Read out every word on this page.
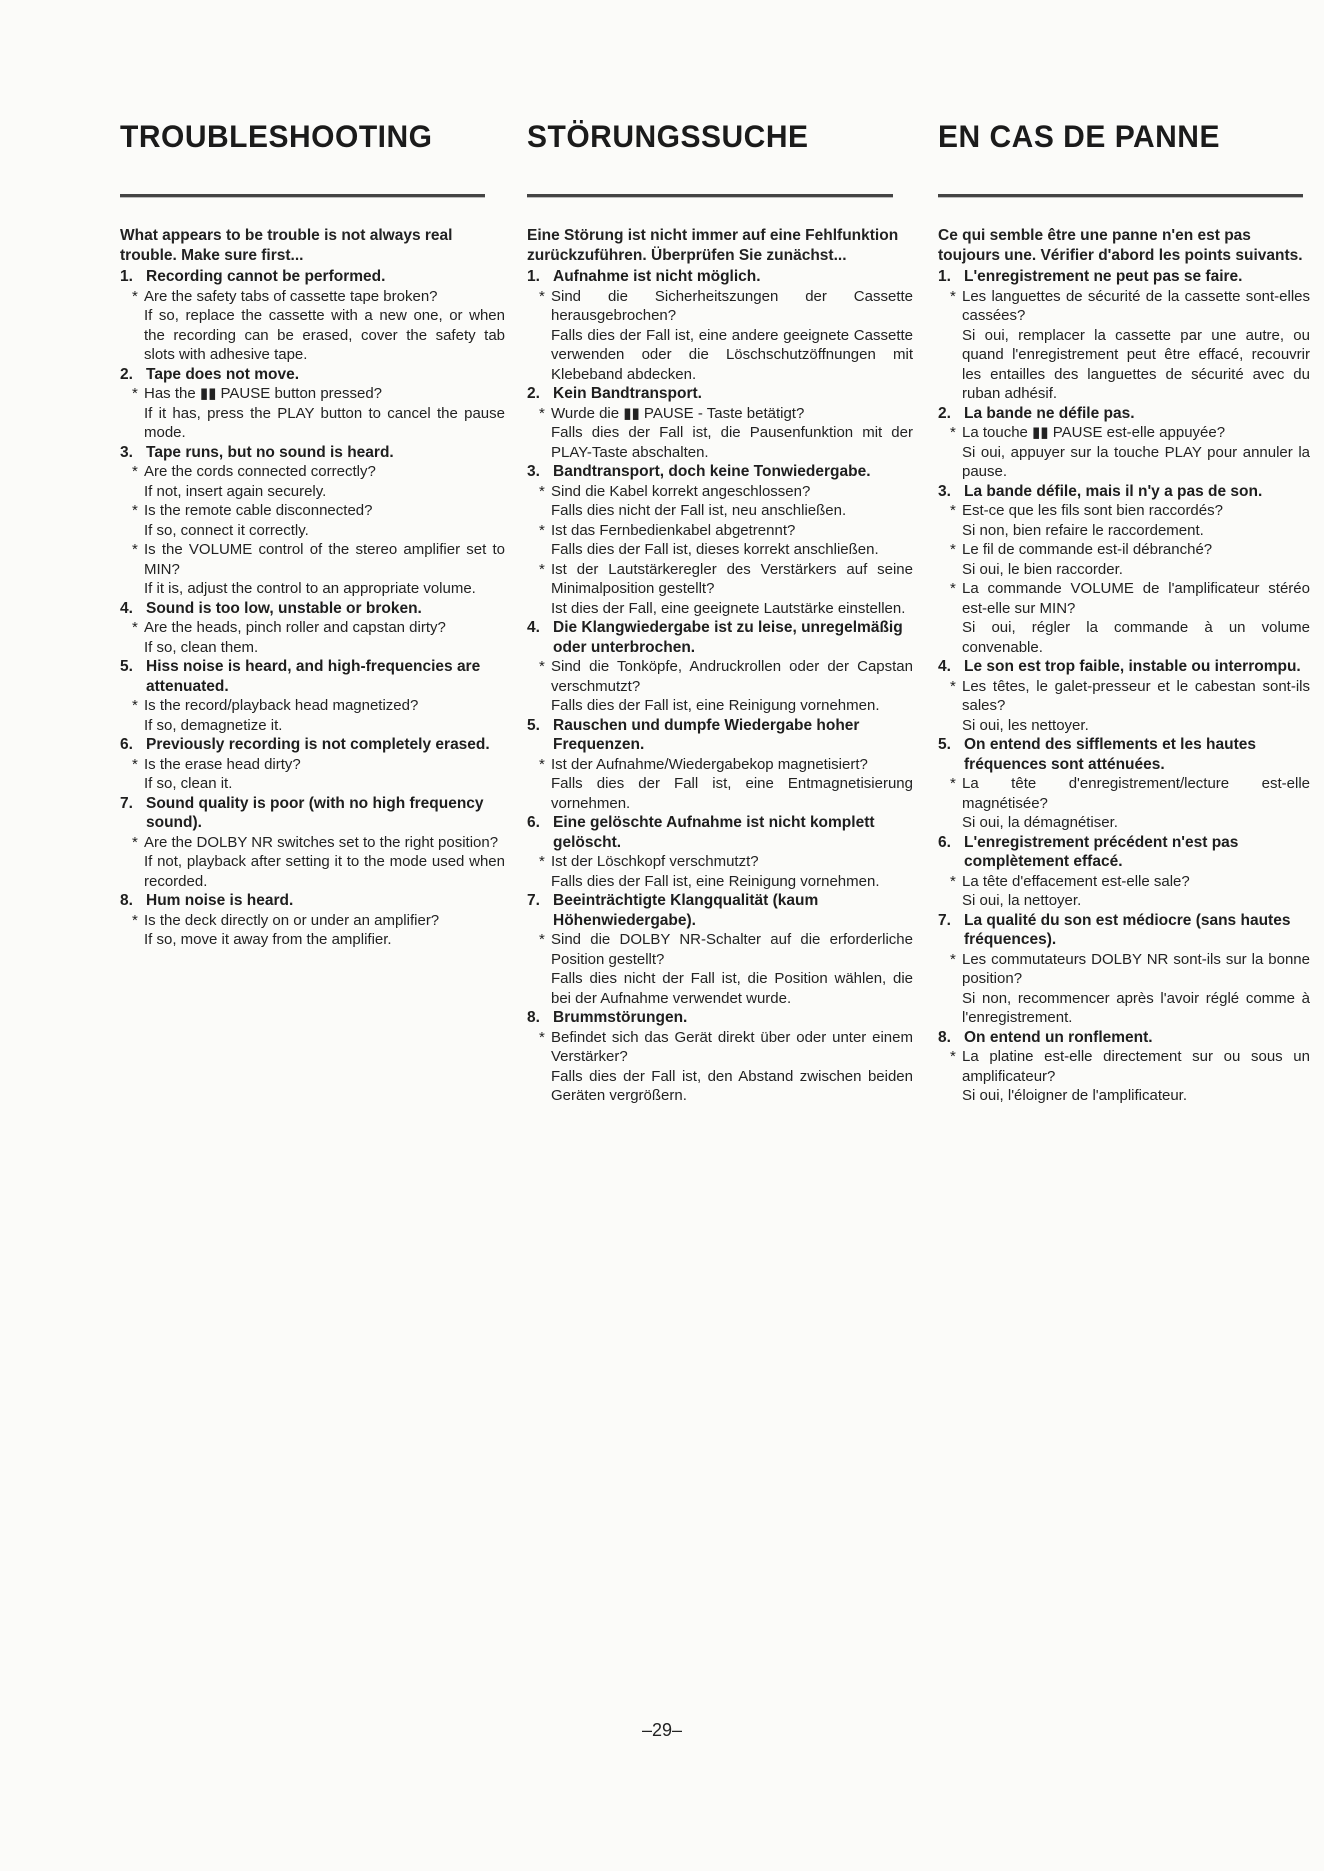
TROUBLESHOOTING

What appears to be trouble is not always real trouble. Make sure first...

1. Recording cannot be performed.
* Are the safety tabs of cassette tape broken?
If so, replace the cassette with a new one, or when the recording can be erased, cover the safety tab slots with adhesive tape.
2. Tape does not move.
* Has the ▮▮ PAUSE button pressed?
If it has, press the PLAY button to cancel the pause mode.
3. Tape runs, but no sound is heard.
* Are the cords connected correctly?
If not, insert again securely.
* Is the remote cable disconnected?
If so, connect it correctly.
* Is the VOLUME control of the stereo amplifier set to MIN?
If it is, adjust the control to an appropriate volume.
4. Sound is too low, unstable or broken.
* Are the heads, pinch roller and capstan dirty?
If so, clean them.
5. Hiss noise is heard, and high-frequencies are attenuated.
* Is the record/playback head magnetized?
If so, demagnetize it.
6. Previously recording is not completely erased.
* Is the erase head dirty?
If so, clean it.
7. Sound quality is poor (with no high frequency sound).
* Are the DOLBY NR switches set to the right position?
If not, playback after setting it to the mode used when recorded.
8. Hum noise is heard.
* Is the deck directly on or under an amplifier?
If so, move it away from the amplifier.
STÖRUNGSSUCHE

Eine Störung ist nicht immer auf eine Fehlfunktion zurückzuführen. Überprüfen Sie zunächst...

1. Aufnahme ist nicht möglich.
* Sind die Sicherheitszungen der Cassette herausgebrochen?
Falls dies der Fall ist, eine andere geeignete Cassette verwenden oder die Löschschutzöffnungen mit Klebeband abdecken.
2. Kein Bandtransport.
* Wurde die ▮▮ PAUSE - Taste betätigt?
Falls dies der Fall ist, die Pausenfunktion mit der PLAY-Taste abschalten.
3. Bandtransport, doch keine Tonwiedergabe.
* Sind die Kabel korrekt angeschlossen?
Falls dies nicht der Fall ist, neu anschließen.
* Ist das Fernbedienkabel abgetrennt?
Falls dies der Fall ist, dieses korrekt anschließen.
* Ist der Lautstärkeregler des Verstärkers auf seine Minimalposition gestellt?
Ist dies der Fall, eine geeignete Lautstärke einstellen.
4. Die Klangwiedergabe ist zu leise, unregelmäßig oder unterbrochen.
* Sind die Tonköpfe, Andruckrollen oder der Capstan verschmutzt?
Falls dies der Fall ist, eine Reinigung vornehmen.
5. Rauschen und dumpfe Wiedergabe hoher Frequenzen.
* Ist der Aufnahme/Wiedergabekop magnetisiert?
Falls dies der Fall ist, eine Entmagnetisierung vornehmen.
6. Eine gelöschte Aufnahme ist nicht komplett gelöscht.
* Ist der Löschkopf verschmutzt?
Falls dies der Fall ist, eine Reinigung vornehmen.
7. Beeinträchtigte Klangqualität (kaum Höhenwiedergabe).
* Sind die DOLBY NR-Schalter auf die erforderliche Position gestellt?
Falls dies nicht der Fall ist, die Position wählen, die bei der Aufnahme verwendet wurde.
8. Brummstörungen.
* Befindet sich das Gerät direkt über oder unter einem Verstärker?
Falls dies der Fall ist, den Abstand zwischen beiden Geräten vergrößern.
EN CAS DE PANNE

Ce qui semble être une panne n'en est pas toujours une. Vérifier d'abord les points suivants.

1. L'enregistrement ne peut pas se faire.
* Les languettes de sécurité de la cassette sont-elles cassées?
Si oui, remplacer la cassette par une autre, ou quand l'enregistrement peut être effacé, recouvrir les entailles des languettes de sécurité avec du ruban adhésif.
2. La bande ne défile pas.
* La touche ▮▮ PAUSE est-elle appuyée?
Si oui, appuyer sur la touche PLAY pour annuler la pause.
3. La bande défile, mais il n'y a pas de son.
* Est-ce que les fils sont bien raccordés?
Si non, bien refaire le raccordement.
* Le fil de commande est-il débranché?
Si oui, le bien raccorder.
* La commande VOLUME de l'amplificateur stéréo est-elle sur MIN?
Si oui, régler la commande à un volume convenable.
4. Le son est trop faible, instable ou interrompu.
* Les têtes, le galet-presseur et le cabestan sont-ils sales?
Si oui, les nettoyer.
5. On entend des sifflements et les hautes fréquences sont atténuées.
* La tête d'enregistrement/lecture est-elle magnétisée?
Si oui, la démagnétiser.
6. L'enregistrement précédent n'est pas complètement effacé.
* La tête d'effacement est-elle sale?
Si oui, la nettoyer.
7. La qualité du son est médiocre (sans hautes fréquences).
* Les commutateurs DOLBY NR sont-ils sur la bonne position?
Si non, recommencer après l'avoir réglé comme à l'enregistrement.
8. On entend un ronflement.
* La platine est-elle directement sur ou sous un amplificateur?
Si oui, l'éloigner de l'amplificateur.
–29–
